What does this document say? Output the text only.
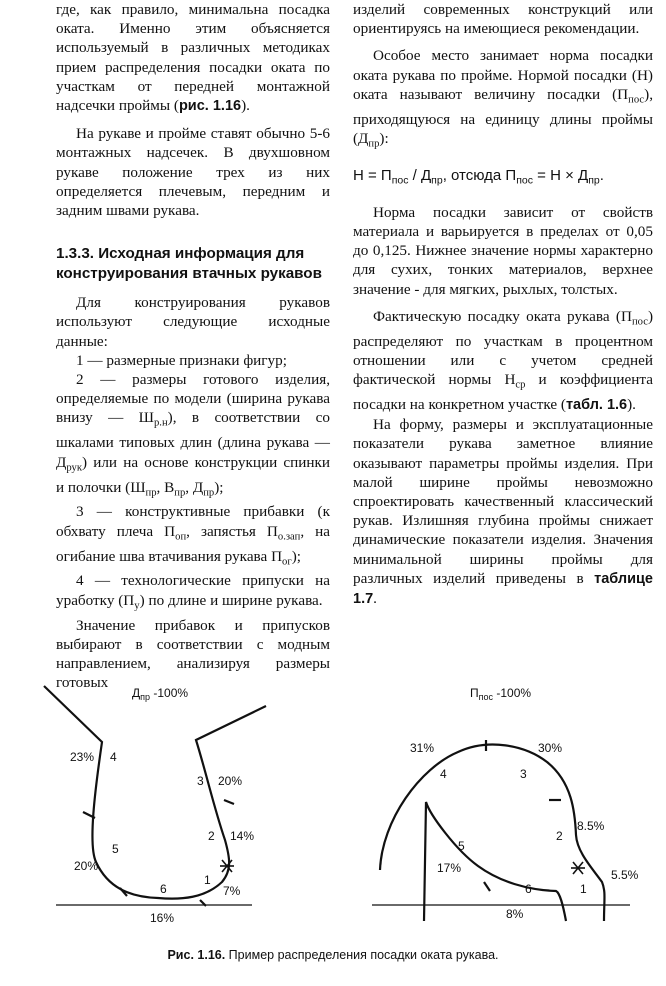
где, как правило, минимальна посадка оката. Именно этим объясняется используемый в различных методиках прием распределения посадки оката по участкам от передней монтажной надсечки проймы (рис. 1.16).

На рукаве и пройме ставят обычно 5-6 монтажных надсечек. В двухшовном рукаве положение трех из них определяется плечевым, передним и задним швами рукава.

1.3.3. Исходная информация для конструирования втачных рукавов

Для конструирования рукавов используют следующие исходные данные:

1 — размерные признаки фигур;

2 — размеры готового изделия, определяемые по модели (ширина рукава внизу — $Ш_{р.н}$), в соответствии со шкалами типовых длин (длина рукава — $Д_{рук}$) или на основе конструкции спинки и полочки ($Ш_{пр}$, $В_{пр}$, $Д_{пр}$);

3 — конструктивные прибавки (к обхвату плеча $П_{оп}$, запястья $П_{о.зап}$, на огибание шва втачивания рукава $П_{ог}$);

4 — технологические припуски на уработку $(П_у)$ по длине и ширине рукава.

Значение прибавок и припусков выбирают в соответствии с модным направлением, анализируя размеры готовых

изделий современных конструкций или ориентируясь на имеющиеся рекомендации.

Особое место занимает норма посадки оката рукава по пройме. Нормой посадки (Н) оката называют величину посадки $(П_{пос})$, приходящуюся на единицу длины проймы $(Д_{пр})$:

$Н = П_{пос} / Д_{пр}$, отсюда $П_{пос} = Н \times Д_{пр}$.

Норма посадки зависит от свойств материала и варьируется в пределах от 0,05 до 0,125. Нижнее значение нормы характерно для сухих, тонких материалов, верхнее значение - для мягких, рыхлых, толстых.

Фактическую посадку оката рукава $(П_{пос})$ распределяют по участкам в процентном отношении или с учетом средней фактической нормы $Н_{ср}$ и коэффициента посадки на конкретном участке (табл. 1.6).

На форму, размеры и эксплуатационные показатели рукава заметное влияние оказывают параметры проймы изделия. При малой ширине проймы невозможно спроектировать качественный классический рукав. Излишняя глубина проймы снижает динамические показатели изделия. Значения минимальной ширины проймы для различных изделий приведены в таблице 1.7.

$Д_{пр}$ -100%
23% 4
3 20%
2 14%
5
20%
1
7%
6
16%
$П_{пос}$ -100%
31%	30%
4	3
2
8.5%
5
17%
6	1
5.5%
8%
Рис. 1.16. Пример распределения посадки оката рукава.
